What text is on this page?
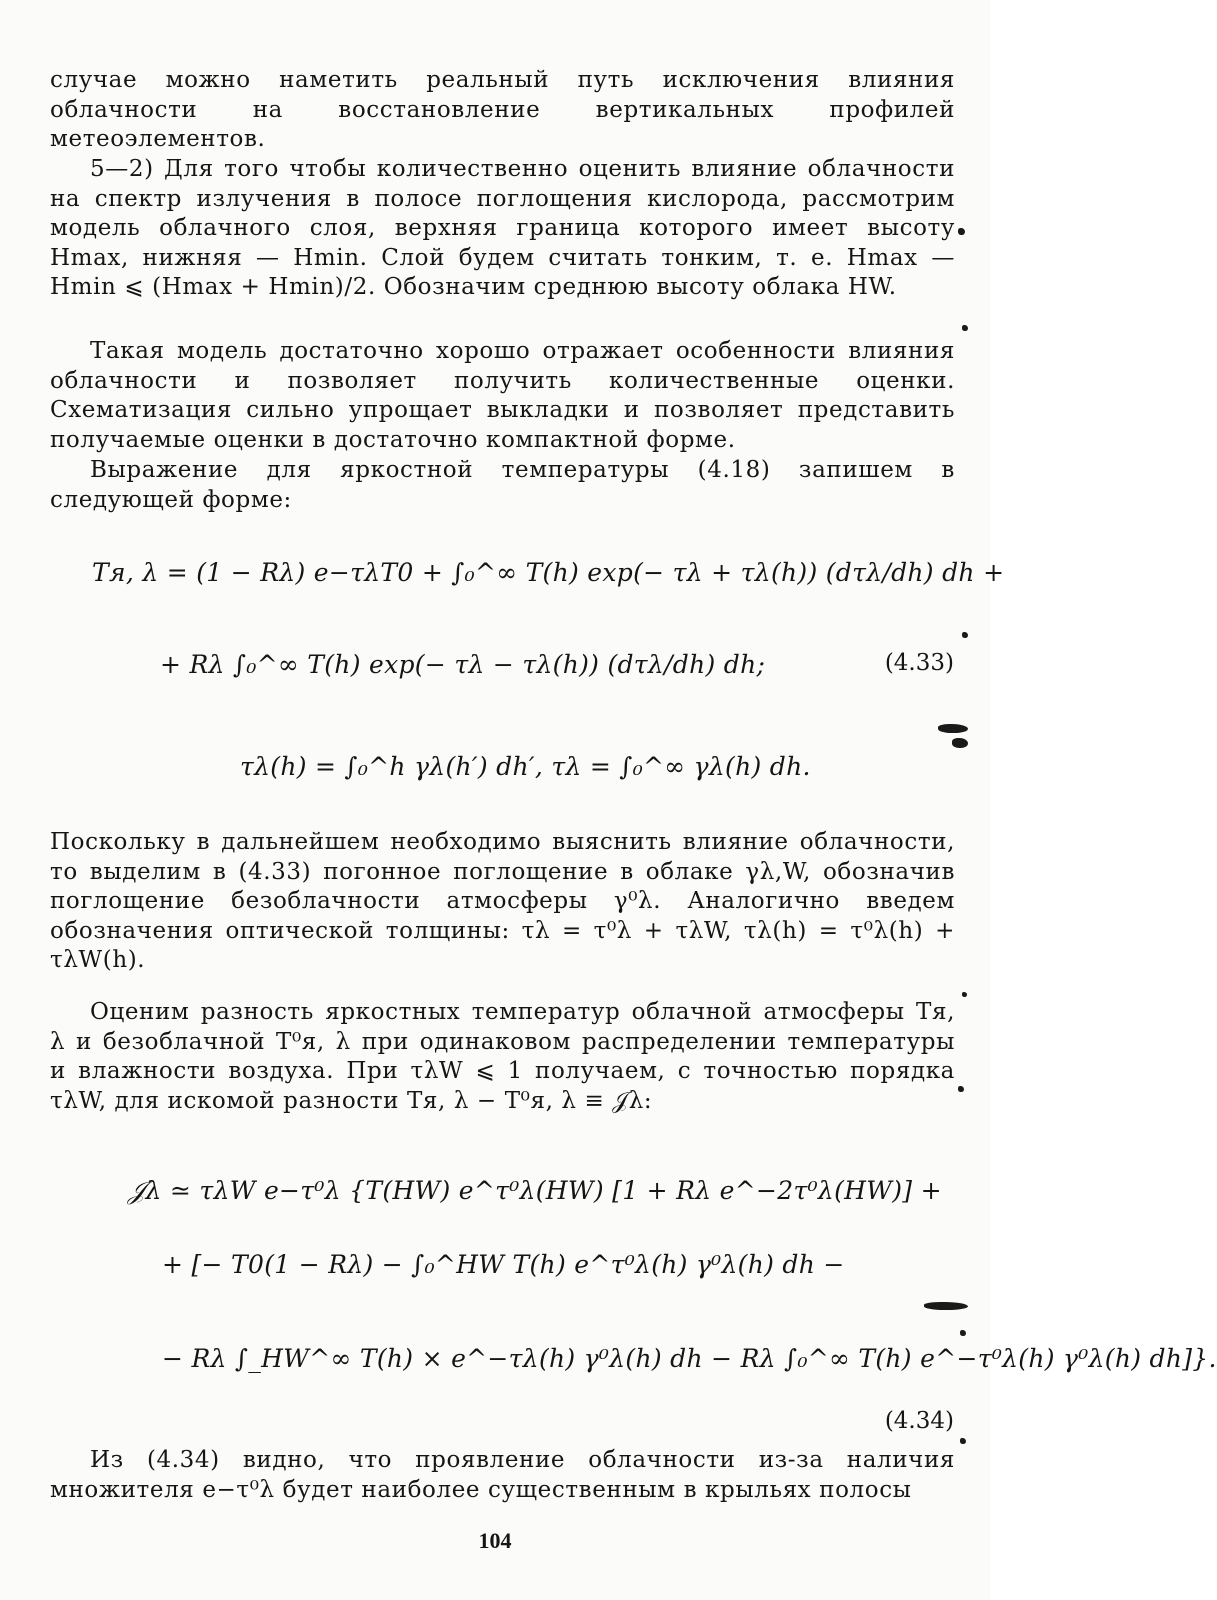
случае можно наметить реальный путь исключения влияния облачности на восстановление вертикальных профилей метеоэлементов.

5—2) Для того чтобы количественно оценить влияние облачности на спектр излучения в полосе поглощения кислорода, рассмотрим модель облачного слоя, верхняя граница которого имеет высоту Hmax, нижняя — Hmin. Слой будем считать тонким, т. е. Hmax — Hmin ⩽ (Hmax + Hmin)/2. Обозначим среднюю высоту облака HW.

Такая модель достаточно хорошо отражает особенности влияния облачности и позволяет получить количественные оценки. Схематизация сильно упрощает выкладки и позволяет представить получаемые оценки в достаточно компактной форме.

Выражение для яркостной температуры (4.18) запишем в следующей форме:

Tя, λ = (1 − Rλ) e−τλT0 + ∫₀^∞ T(h) exp(− τλ + τλ(h)) (dτλ/dh) dh +
+ Rλ ∫₀^∞ T(h) exp(− τλ − τλ(h)) (dτλ/dh) dh;	(4.33)
τλ(h) = ∫₀^h γλ(h′) dh′, τλ = ∫₀^∞ γλ(h) dh.

Поскольку в дальнейшем необходимо выяснить влияние облачности, то выделим в (4.33) погонное поглощение в облаке γλ,W, обозначив поглощение безоблачности атмосферы γ⁰λ. Аналогично введем обозначения оптической толщины: τλ = τ⁰λ + τλW, τλ(h) = τ⁰λ(h) + τλW(h).

Оценим разность яркостных температур облачной атмосферы Tя, λ и безоблачной T⁰я, λ при одинаковом распределении температуры и влажности воздуха. При τλW ⩽ 1 получаем, с точностью порядка τλW, для искомой разности Tя, λ − T⁰я, λ ≡ 𝒥λ:

𝒥λ ≃ τλW e−τ⁰λ {T(HW) e^τ⁰λ(HW) [1 + Rλ e^−2τ⁰λ(HW)] +
+ [− T0(1 − Rλ) − ∫₀^HW T(h) e^τ⁰λ(h) γ⁰λ(h) dh −
− Rλ ∫_HW^∞ T(h) × e^−τλ(h) γ⁰λ(h) dh − Rλ ∫₀^∞ T(h) e^−τ⁰λ(h) γ⁰λ(h) dh]}.
(4.34)

Из (4.34) видно, что проявление облачности из-за наличия множителя e−τ⁰λ будет наиболее существенным в крыльях полосы

104
